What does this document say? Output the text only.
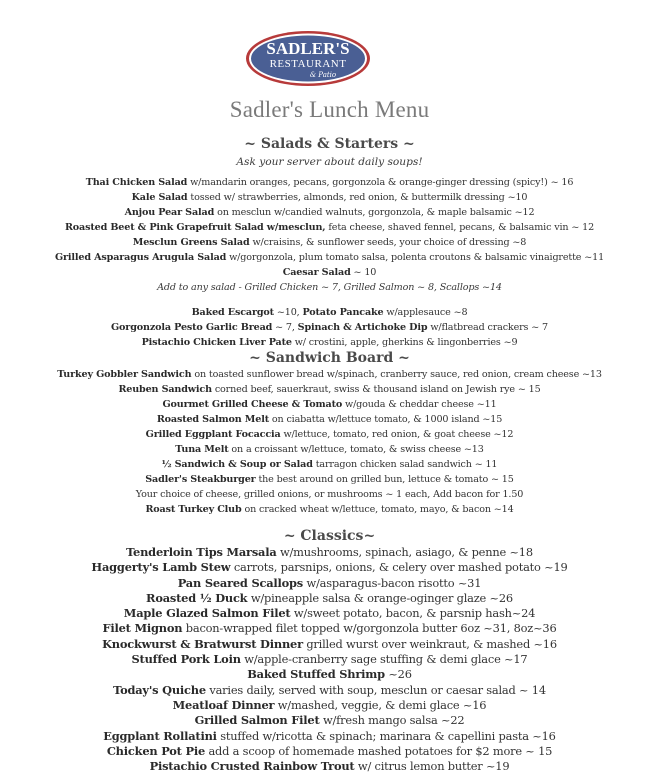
SADLER'S
RESTAURANT
& Patio
Sadler's Lunch Menu
~ Salads & Starters ~
Ask your server about daily soups!
Thai Chicken Salad w/mandarin oranges, pecans, gorgonzola & orange-ginger dressing (spicy!) ~ 16
Kale Salad tossed w/ strawberries, almonds, red onion, & buttermilk dressing ~10
Anjou Pear Salad on mesclun w/candied walnuts, gorgonzola, & maple balsamic ~12
Roasted Beet & Pink Grapefruit Salad w/mesclun, feta cheese, shaved fennel, pecans, & balsamic vin ~ 12
Mesclun Greens Salad w/craisins, & sunflower seeds, your choice of dressing ~8
Grilled Asparagus Arugula Salad w/gorgonzola, plum tomato salsa, polenta croutons & balsamic vinaigrette ~11
Caesar Salad ~ 10
Add to any salad - Grilled Chicken ~ 7, Grilled Salmon ~ 8, Scallops ~14
Baked Escargot ~10, Potato Pancake w/applesauce ~8
Gorgonzola Pesto Garlic Bread ~ 7, Spinach & Artichoke Dip w/flatbread crackers ~ 7
Pistachio Chicken Liver Pate w/ crostini, apple, gherkins & lingonberries ~9
~ Sandwich Board ~
Turkey Gobbler Sandwich on toasted sunflower bread w/spinach, cranberry sauce, red onion, cream cheese ~13
Reuben Sandwich corned beef, sauerkraut, swiss & thousand island on Jewish rye ~ 15
Gourmet Grilled Cheese & Tomato w/gouda & cheddar cheese ~11
Roasted Salmon Melt on ciabatta w/lettuce tomato, & 1000 island ~15
Grilled Eggplant Focaccia w/lettuce, tomato, red onion, & goat cheese ~12
Tuna Melt on a croissant w/lettuce, tomato, & swiss cheese ~13
½ Sandwich & Soup or Salad tarragon chicken salad sandwich ~ 11
Sadler's Steakburger the best around on grilled bun, lettuce & tomato ~ 15
Your choice of cheese, grilled onions, or mushrooms ~ 1 each, Add bacon for 1.50
Roast Turkey Club on cracked wheat w/lettuce, tomato, mayo, & bacon ~14
~ Classics~
Tenderloin Tips Marsala w/mushrooms, spinach, asiago, & penne ~18
Haggerty's Lamb Stew carrots, parsnips, onions, & celery over mashed potato ~19
Pan Seared Scallops w/asparagus-bacon risotto ~31
Roasted ½ Duck w/pineapple salsa & orange-oginger glaze ~26
Maple Glazed Salmon Filet w/sweet potato, bacon, & parsnip hash~24
Filet Mignon bacon-wrapped filet topped w/gorgonzola butter 6oz ~31, 8oz~36
Knockwurst & Bratwurst Dinner grilled wurst over weinkraut, & mashed ~16
Stuffed Pork Loin w/apple-cranberry sage stuffing & demi glace ~17
Baked Stuffed Shrimp ~26
Today's Quiche varies daily, served with soup, mesclun or caesar salad ~ 14
Meatloaf Dinner w/mashed, veggie, & demi glace ~16
Grilled Salmon Filet w/fresh mango salsa ~22
Eggplant Rollatini stuffed w/ricotta & spinach; marinara & capellini pasta ~16
Chicken Pot Pie add a scoop of homemade mashed potatoes for $2 more ~ 15
Pistachio Crusted Rainbow Trout w/ citrus lemon butter ~19
